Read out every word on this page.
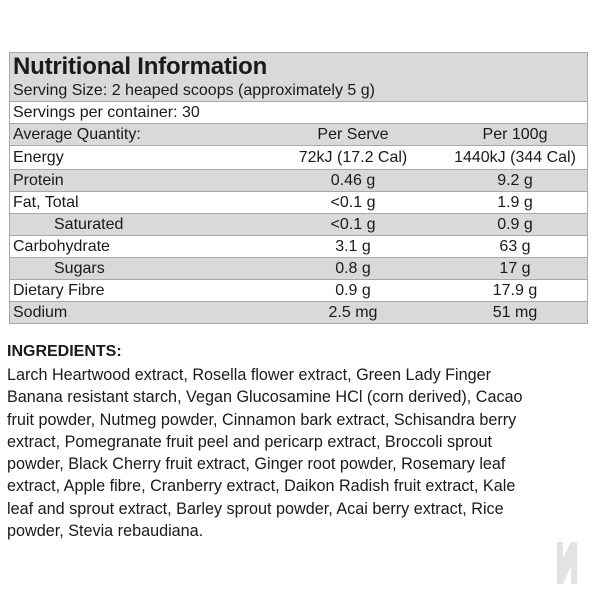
Nutritional Information
Serving Size: 2 heaped scoops (approximately 5 g)
Servings per container: 30
Average Quantity:	Per Serve	Per 100g
Energy	72kJ (17.2 Cal)	1440kJ (344 Cal)
Protein	0.46 g	9.2 g
Fat, Total	<0.1 g	1.9 g
Saturated	<0.1 g	0.9 g
Carbohydrate	3.1 g	63 g
Sugars	0.8 g	17 g
Dietary Fibre	0.9 g	17.9 g
Sodium	2.5 mg	51 mg
INGREDIENTS:
Larch Heartwood extract, Rosella flower extract, Green Lady Finger
Banana resistant starch, Vegan Glucosamine HCl (corn derived), Cacao
fruit powder, Nutmeg powder, Cinnamon bark extract, Schisandra berry
extract, Pomegranate fruit peel and pericarp extract, Broccoli sprout
powder, Black Cherry fruit extract, Ginger root powder, Rosemary leaf
extract, Apple fibre, Cranberry extract, Daikon Radish fruit extract, Kale
leaf and sprout extract, Barley sprout powder, Acai berry extract, Rice
powder, Stevia rebaudiana.
